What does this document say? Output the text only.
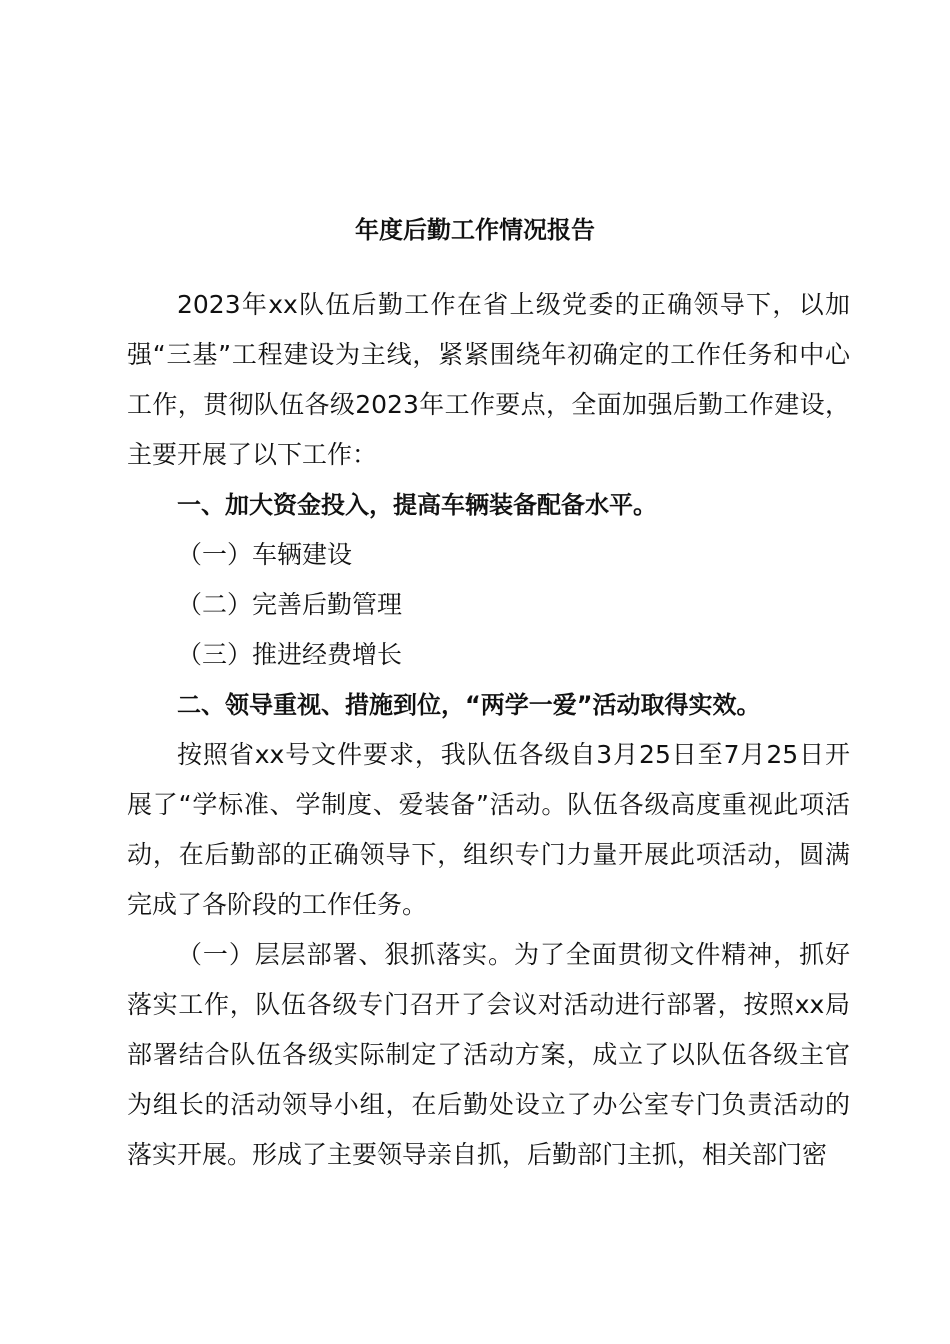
年度后勤工作情况报告

2023年xx队伍后勤工作在省上级党委的正确领导下，以加强“三基”工程建设为主线，紧紧围绕年初确定的工作任务和中心工作，贯彻队伍各级2023年工作要点，全面加强后勤工作建设，主要开展了以下工作：

一、加大资金投入，提高车辆装备配备水平。

（一）车辆建设

（二）完善后勤管理

（三）推进经费增长

二、领导重视、措施到位，“两学一爱”活动取得实效。

按照省xx号文件要求，我队伍各级自3月25日至7月25日开展了“学标准、学制度、爱装备”活动。队伍各级高度重视此项活动，在后勤部的正确领导下，组织专门力量开展此项活动，圆满完成了各阶段的工作任务。

（一）层层部署、狠抓落实。为了全面贯彻文件精神，抓好落实工作，队伍各级专门召开了会议对活动进行部署，按照xx局部署结合队伍各级实际制定了活动方案，成立了以队伍各级主官为组长的活动领导小组，在后勤处设立了办公室专门负责活动的落实开展。形成了主要领导亲自抓，后勤部门主抓，相关部门密
